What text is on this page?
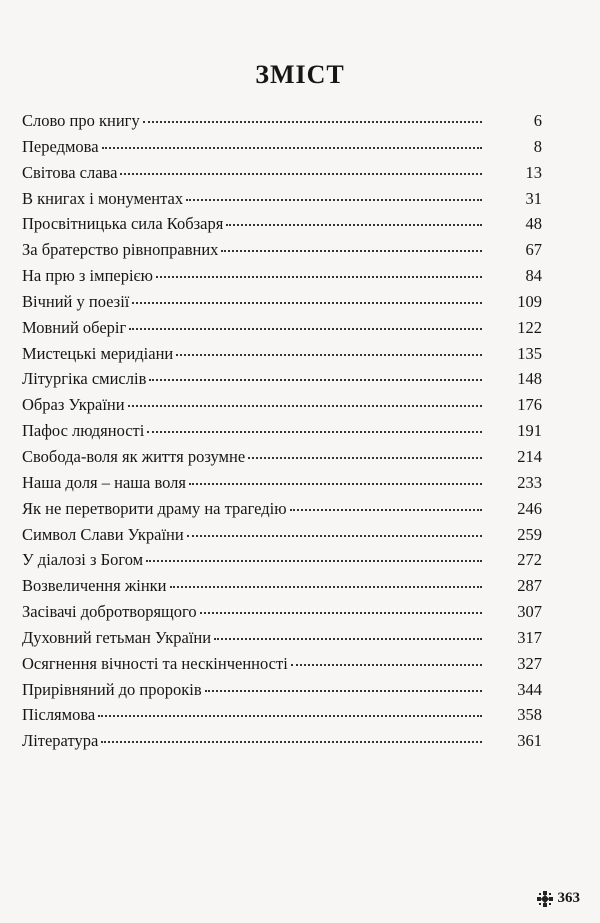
ЗМІСТ
Слово про книгу	6
Передмова	8
Світова слава	13
В книгах і монументах	31
Просвітницька сила Кобзаря	48
За братерство рівноправних	67
На прю з імперією	84
Вічний у поезії	109
Мовний оберіг	122
Мистецькі меридіани	135
Літургіка смислів	148
Образ України	176
Пафос людяності	191
Свобода-воля як життя розумне	214
Наша доля – наша воля	233
Як не перетворити драму на трагедію	246
Символ Слави України	259
У діалозі з Богом	272
Возвеличення жінки	287
Засівачі добротворящого	307
Духовний гетьман України	317
Осягнення вічності та нескінченності	327
Прирівняний до пророків	344
Післямова	358
Література	361
363
